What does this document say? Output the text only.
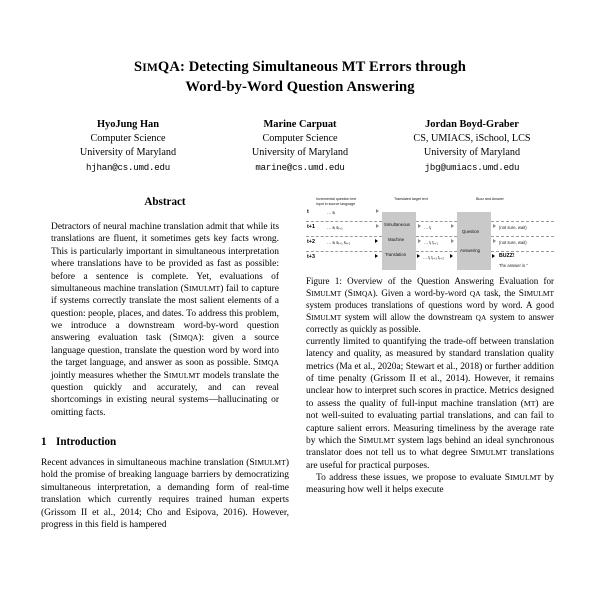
SIMQA: Detecting Simultaneous MT Errors through
Word-by-Word Question Answering
HyoJung Han
Computer Science
University of Maryland
hjhan@cs.umd.edu
Marine Carpuat
Computer Science
University of Maryland
marine@cs.umd.edu
Jordan Boyd-Graber
CS, UMIACS, iSchool, LCS
University of Maryland
jbg@umiacs.umd.edu
Abstract

Detractors of neural machine translation admit that while its translations are fluent, it sometimes gets key facts wrong. This is particularly important in simultaneous interpretation where translations have to be provided as fast as possible: before a sentence is complete. Yet, evaluations of simultaneous machine translation (SIMULMT) fail to capture if systems correctly translate the most salient elements of a question: people, places, and dates. To address this problem, we introduce a downstream word-by-word question answering evaluation task (SIMQA): given a source language question, translate the question word by word into the target language, and answer as soon as possible. SIMQA jointly measures whether the SIMULMT models translate the question quickly and accurately, and can reveal shortcomings in existing neural systems—hallucinating or omitting facts.

1 Introduction

Recent advances in simultaneous machine translation (SIMULMT) hold the promise of breaking language barriers by democratizing simultaneous interpretation, a demanding form of real-time translation which currently requires trained human experts (Grissom II et al., 2014; Cho and Esipova, 2016). However, progress in this field is hampered

Incremental question text
input in source language
Translated target text	Buzz and Answer
t
t+1
t+2
t+3
… sᵢ
… sᵢ sᵢ₊₁
… sᵢ sᵢ₊₁ sᵢ₊₂
Simultaneous
Machine
Translation
… tⱼ
… tⱼ tⱼ₊₁
… tⱼ tⱼ₊₁ tⱼ₊₂
Question
Answering
(not sure, wait)
(not sure, wait)
BUZZ!
The answer is ‘’

Figure 1: Overview of the Question Answering Evaluation for SIMULMT (SIMQA). Given a word-by-word QA task, the SIMULMT system produces translations of questions word by word. A good SIMULMT system will allow the downstream QA system to answer correctly as quickly as possible.

currently limited to quantifying the trade-off between translation latency and quality, as measured by standard translation quality metrics (Ma et al., 2020a; Stewart et al., 2018) or further addition of time penalty (Grissom II et al., 2014). However, it remains unclear how to interpret such scores in practice. Metrics designed to assess the quality of full-input machine translation (MT) are not well-suited to evaluating partial translations, and can fail to capture salient errors. Measuring timeliness by the average rate by which the SIMULMT system lags behind an ideal synchronous translator does not tell us to what degree SIMULMT translations are useful for practical purposes.

To address these issues, we propose to evaluate SIMULMT by measuring how well it helps execute
